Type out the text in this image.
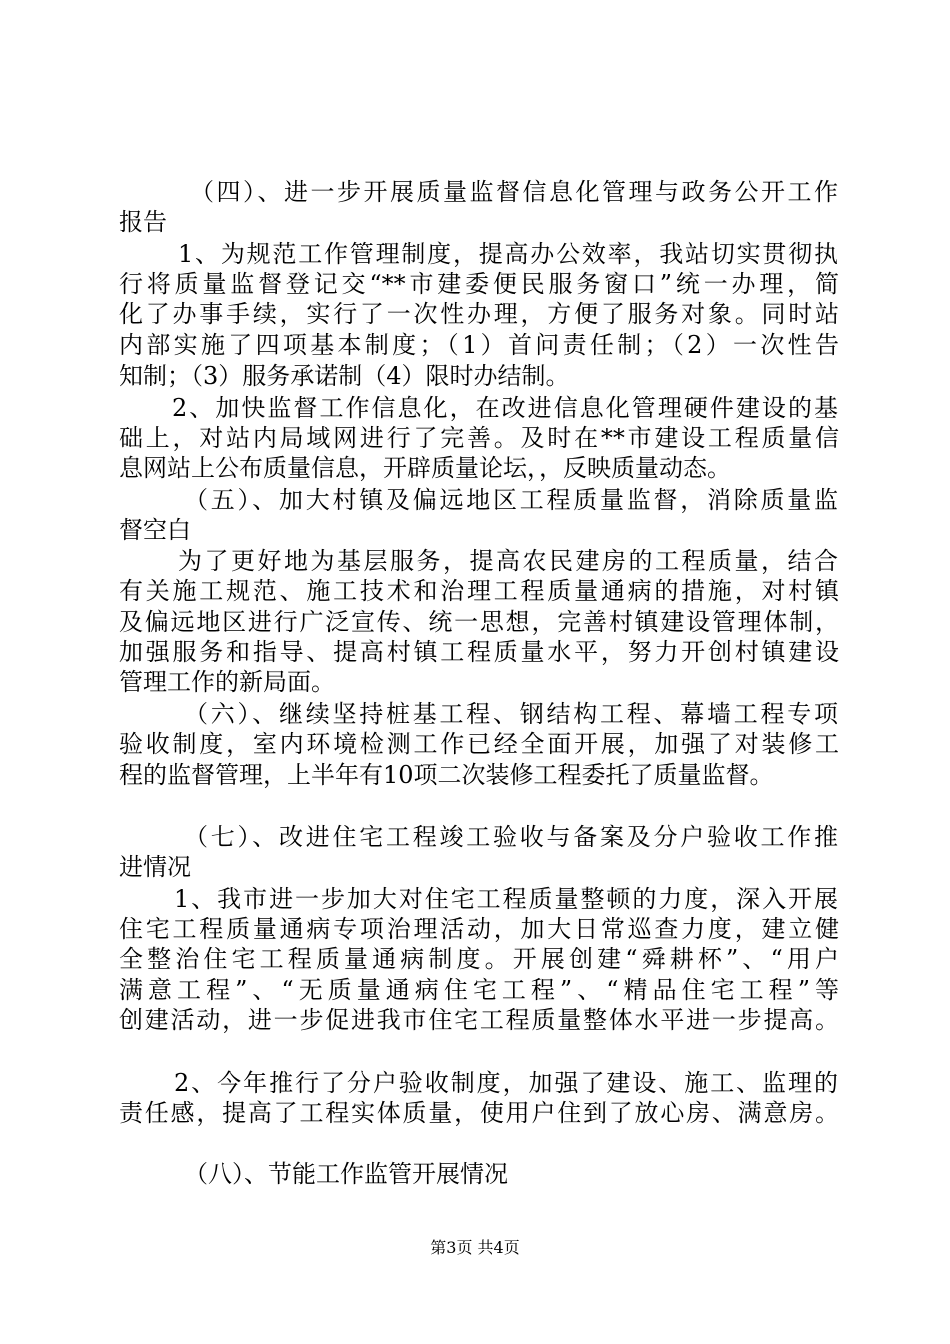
（四）、进一步开展质量监督信息化管理与政务公开工作
报告
1、为规范工作管理制度，提高办公效率，我站切实贯彻执
行将质量监督登记交“**市建委便民服务窗口”统一办理，简
化了办事手续，实行了一次性办理，方便了服务对象。同时站
内部实施了四项基本制度；（1）首问责任制；（2）一次性告
知制；（3）服务承诺制（4）限时办结制。
2、加快监督工作信息化，在改进信息化管理硬件建设的基
础上，对站内局域网进行了完善。及时在**市建设工程质量信
息网站上公布质量信息，开辟质量论坛，，反映质量动态。
（五）、加大村镇及偏远地区工程质量监督，消除质量监
督空白
为了更好地为基层服务，提高农民建房的工程质量，结合
有关施工规范、施工技术和治理工程质量通病的措施，对村镇
及偏远地区进行广泛宣传、统一思想，完善村镇建设管理体制，
加强服务和指导、提高村镇工程质量水平，努力开创村镇建设
管理工作的新局面。
（六）、继续坚持桩基工程、钢结构工程、幕墙工程专项
验收制度，室内环境检测工作已经全面开展，加强了对装修工
程的监督管理，上半年有10项二次装修工程委托了质量监督。
（七）、改进住宅工程竣工验收与备案及分户验收工作推
进情况
1、我市进一步加大对住宅工程质量整顿的力度，深入开展
住宅工程质量通病专项治理活动，加大日常巡查力度，建立健
全整治住宅工程质量通病制度。开展创建“舜耕杯”、“用户
满意工程”、“无质量通病住宅工程”、“精品住宅工程”等
创建活动，进一步促进我市住宅工程质量整体水平进一步提高。
2、今年推行了分户验收制度，加强了建设、施工、监理的
责任感，提高了工程实体质量，使用户住到了放心房、满意房。
（八）、节能工作监管开展情况
第3页 共4页
